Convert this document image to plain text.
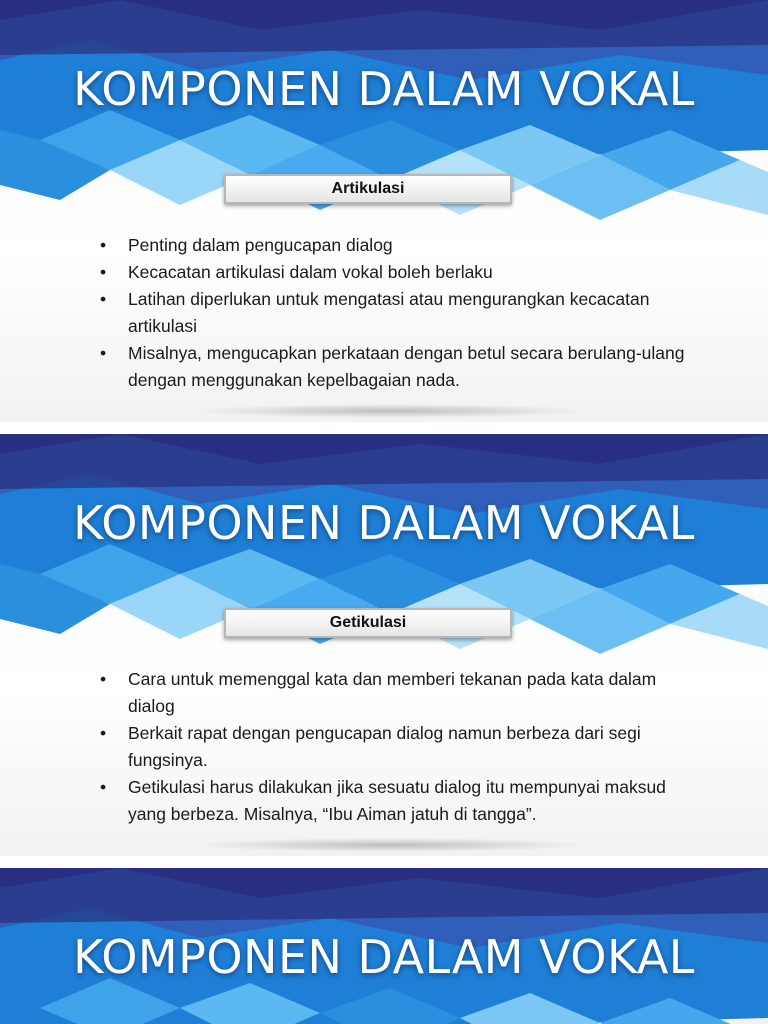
KOMPONEN DALAM VOKAL
Artikulasi
• Penting dalam pengucapan dialog
• Kecacatan artikulasi dalam vokal boleh berlaku
• Latihan diperlukan untuk mengatasi atau mengurangkan kecacatan artikulasi
• Misalnya, mengucapkan perkataan dengan betul secara berulang-ulang dengan menggunakan kepelbagaian nada.
KOMPONEN DALAM VOKAL
Getikulasi
• Cara untuk memenggal kata dan memberi tekanan pada kata dalam dialog
• Berkait rapat dengan pengucapan dialog namun berbeza dari segi fungsinya.
• Getikulasi harus dilakukan jika sesuatu dialog itu mempunyai maksud yang berbeza. Misalnya, “Ibu Aiman jatuh di tangga”.
KOMPONEN DALAM VOKAL
